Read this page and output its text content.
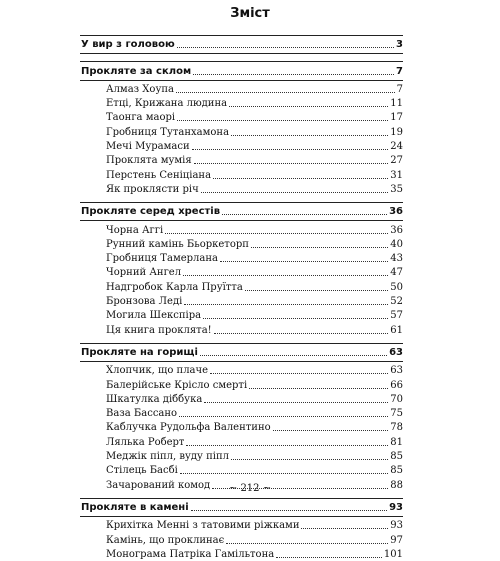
Зміст
У вир з головою	3
Прокляте за склом	7
Алмаз Хоупа	7
Етці, Крижана людина	11
Таонга маорі	17
Гробниця Тутанхамона	19
Мечі Мурамаси	24
Проклята мумія	27
Перстень Сеніціана	31
Як проклясти річ	35
Прокляте серед хрестів	36
Чорна Аггі	36
Рунний камінь Бьоркеторп	40
Гробниця Тамерлана	43
Чорний Ангел	47
Надгробок Карла Пруїтта	50
Бронзова Леді	52
Могила Шекспіра	57
Ця книга проклята!	61
Прокляте на горищі	63
Хлопчик, що плаче	63
Балерійське Крісло смерті	66
Шкатулка діббука	70
Ваза Бассано	75
Каблучка Рудольфа Валентино	78
Лялька Роберт	81
Меджік піпл, вуду піпл	85
Стілець Басбі	85
Зачарований комод	88
Прокляте в камені	93
Крихітка Менні з татовими ріжками	93
Камінь, що проклинає	97
Монограма Патріка Гамільтона	101
~ 212 ~
